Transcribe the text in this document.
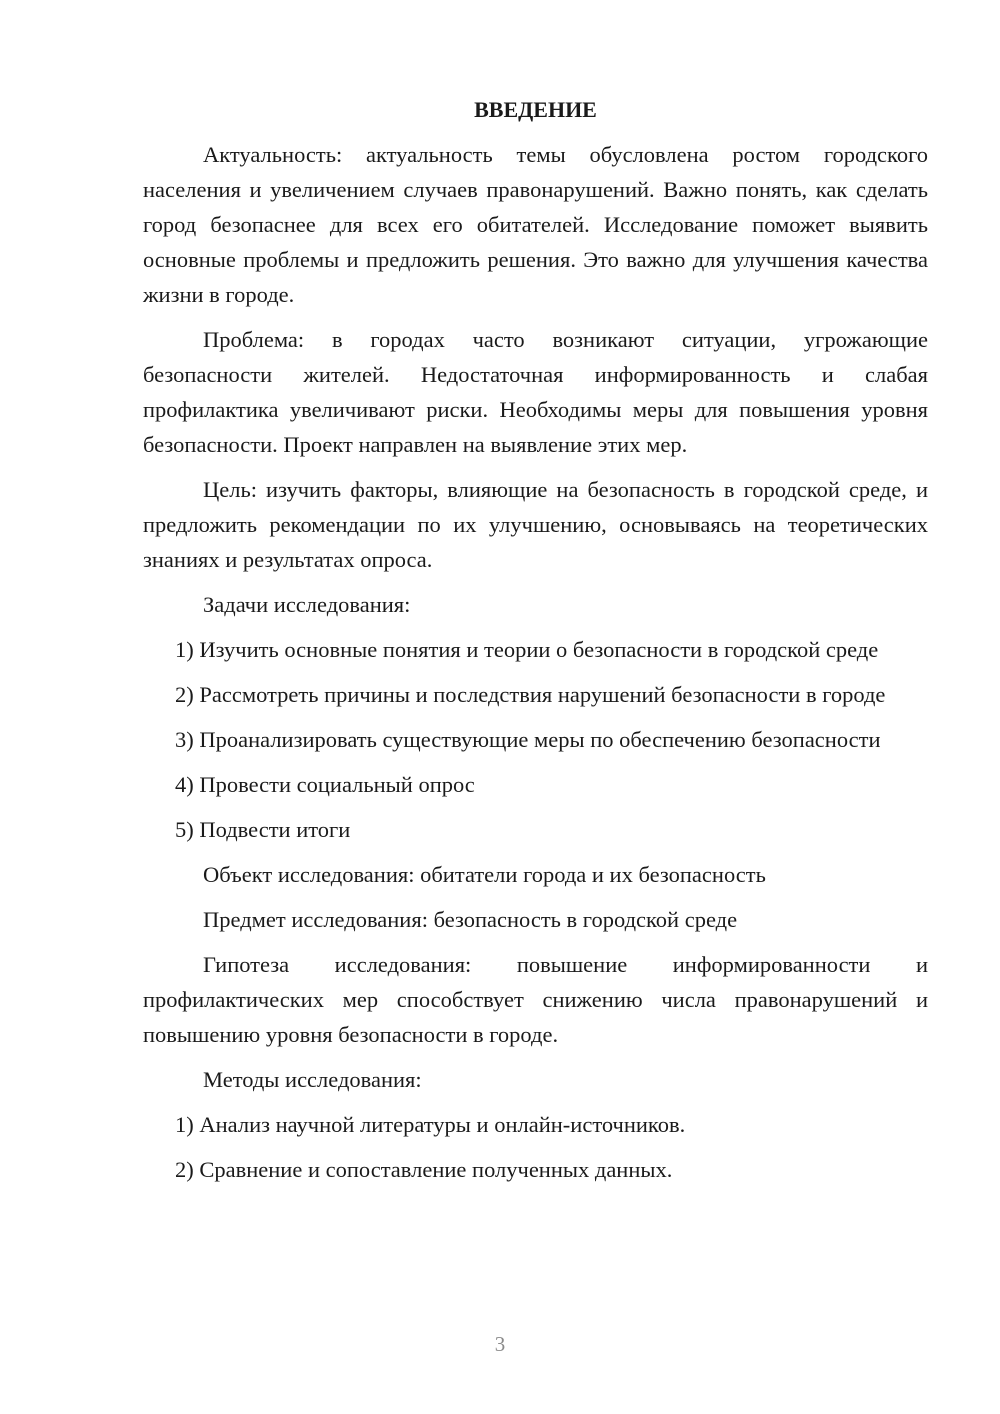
ВВЕДЕНИЕ
Актуальность: актуальность темы обусловлена ростом городского населения и увеличением случаев правонарушений. Важно понять, как сделать город безопаснее для всех его обитателей. Исследование поможет выявить основные проблемы и предложить решения. Это важно для улучшения качества жизни в городе.
Проблема: в городах часто возникают ситуации, угрожающие безопасности жителей. Недостаточная информированность и слабая профилактика увеличивают риски. Необходимы меры для повышения уровня безопасности. Проект направлен на выявление этих мер.
Цель: изучить факторы, влияющие на безопасность в городской среде, и предложить рекомендации по их улучшению, основываясь на теоретических знаниях и результатах опроса.
Задачи исследования:
1) Изучить основные понятия и теории о безопасности в городской среде
2) Рассмотреть причины и последствия нарушений безопасности в городе
3) Проанализировать существующие меры по обеспечению безопасности
4) Провести социальный опрос
5) Подвести итоги
Объект исследования: обитатели города и их безопасность
Предмет исследования: безопасность в городской среде
Гипотеза исследования: повышение информированности и профилактических мер способствует снижению числа правонарушений и повышению уровня безопасности в городе.
Методы исследования:
1) Анализ научной литературы и онлайн-источников.
2) Сравнение и сопоставление полученных данных.
3
